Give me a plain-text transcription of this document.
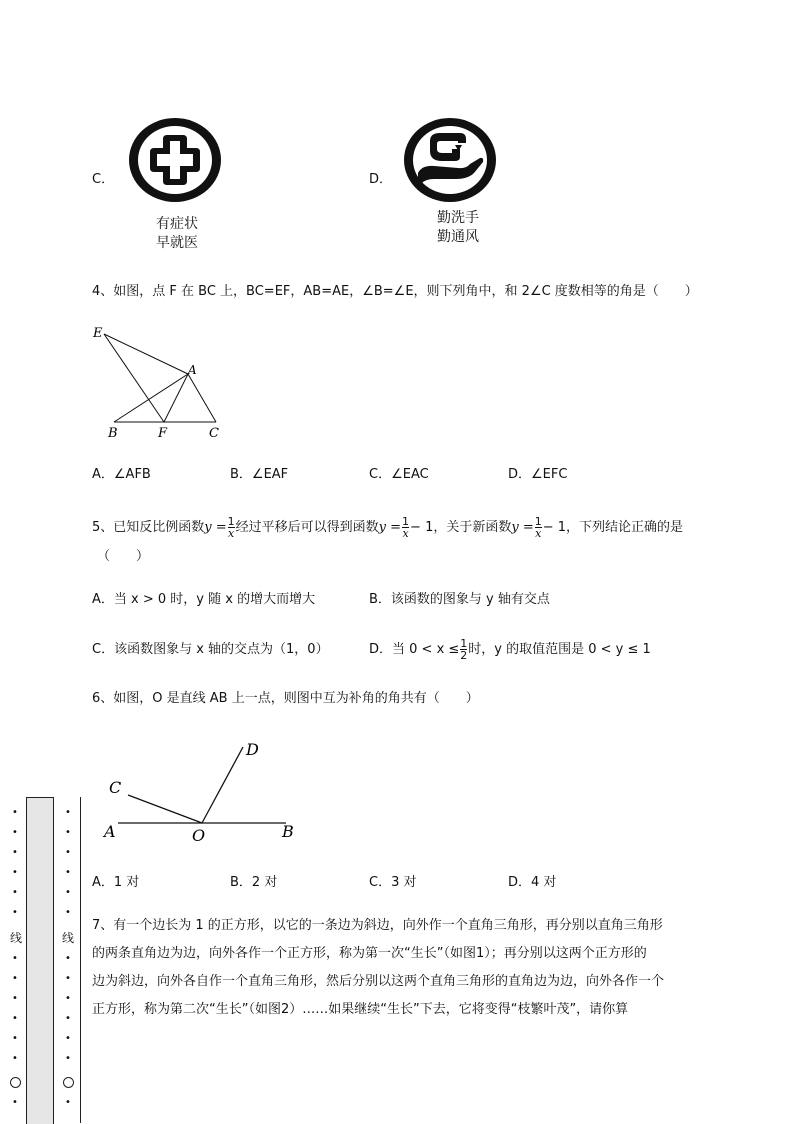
C．
有症状
早就医
D．
勤洗手
勤通风
4、如图，点 F 在 BC 上，BC=EF，AB=AE，∠B=∠E，则下列角中，和 2∠C 度数相等的角是（　　）
E
A
B	F	C
A．∠AFB	B．∠EAF	C．∠EAC	D．∠EFC
5、已知反比例函数$y = \frac{1}{x}$ 经过平移后可以得到函数$y = \frac{1}{x} - 1$，关于新函数$y = \frac{1}{x} - 1$，下列结论正确的是
（　　）
A．当 x > 0 时，y 随 x 的增大而增大	B．该函数的图象与 y 轴有交点
C．该函数图象与 x 轴的交点为（1，0）	D．当 $0 < x \le \frac{1}{2}$ 时，y 的取值范围是 0 < y ≤ 1
6、如图，O 是直线 AB 上一点，则图中互为补角的角共有（　　）
A	B
C
D
O
A．1 对	B．2 对	C．3 对	D．4 对
7、有一个边长为 1 的正方形，以它的一条边为斜边，向外作一个直角三角形，再分别以直角三角形
的两条直角边为边，向外各作一个正方形，称为第一次“生长”（如图1）；再分别以这两个正方形的
边为斜边，向外各自作一个直角三角形，然后分别以这两个直角三角形的直角边为边，向外各作一个
正方形，称为第二次“生长”（如图2）……如果继续“生长”下去，它将变得“枝繁叶茂”，请你算
•
•
•
•
•
•
线
•
•
•
•
•
•
•
•
•
•
•
•
•
线
•
•
•
•
•
•
•
